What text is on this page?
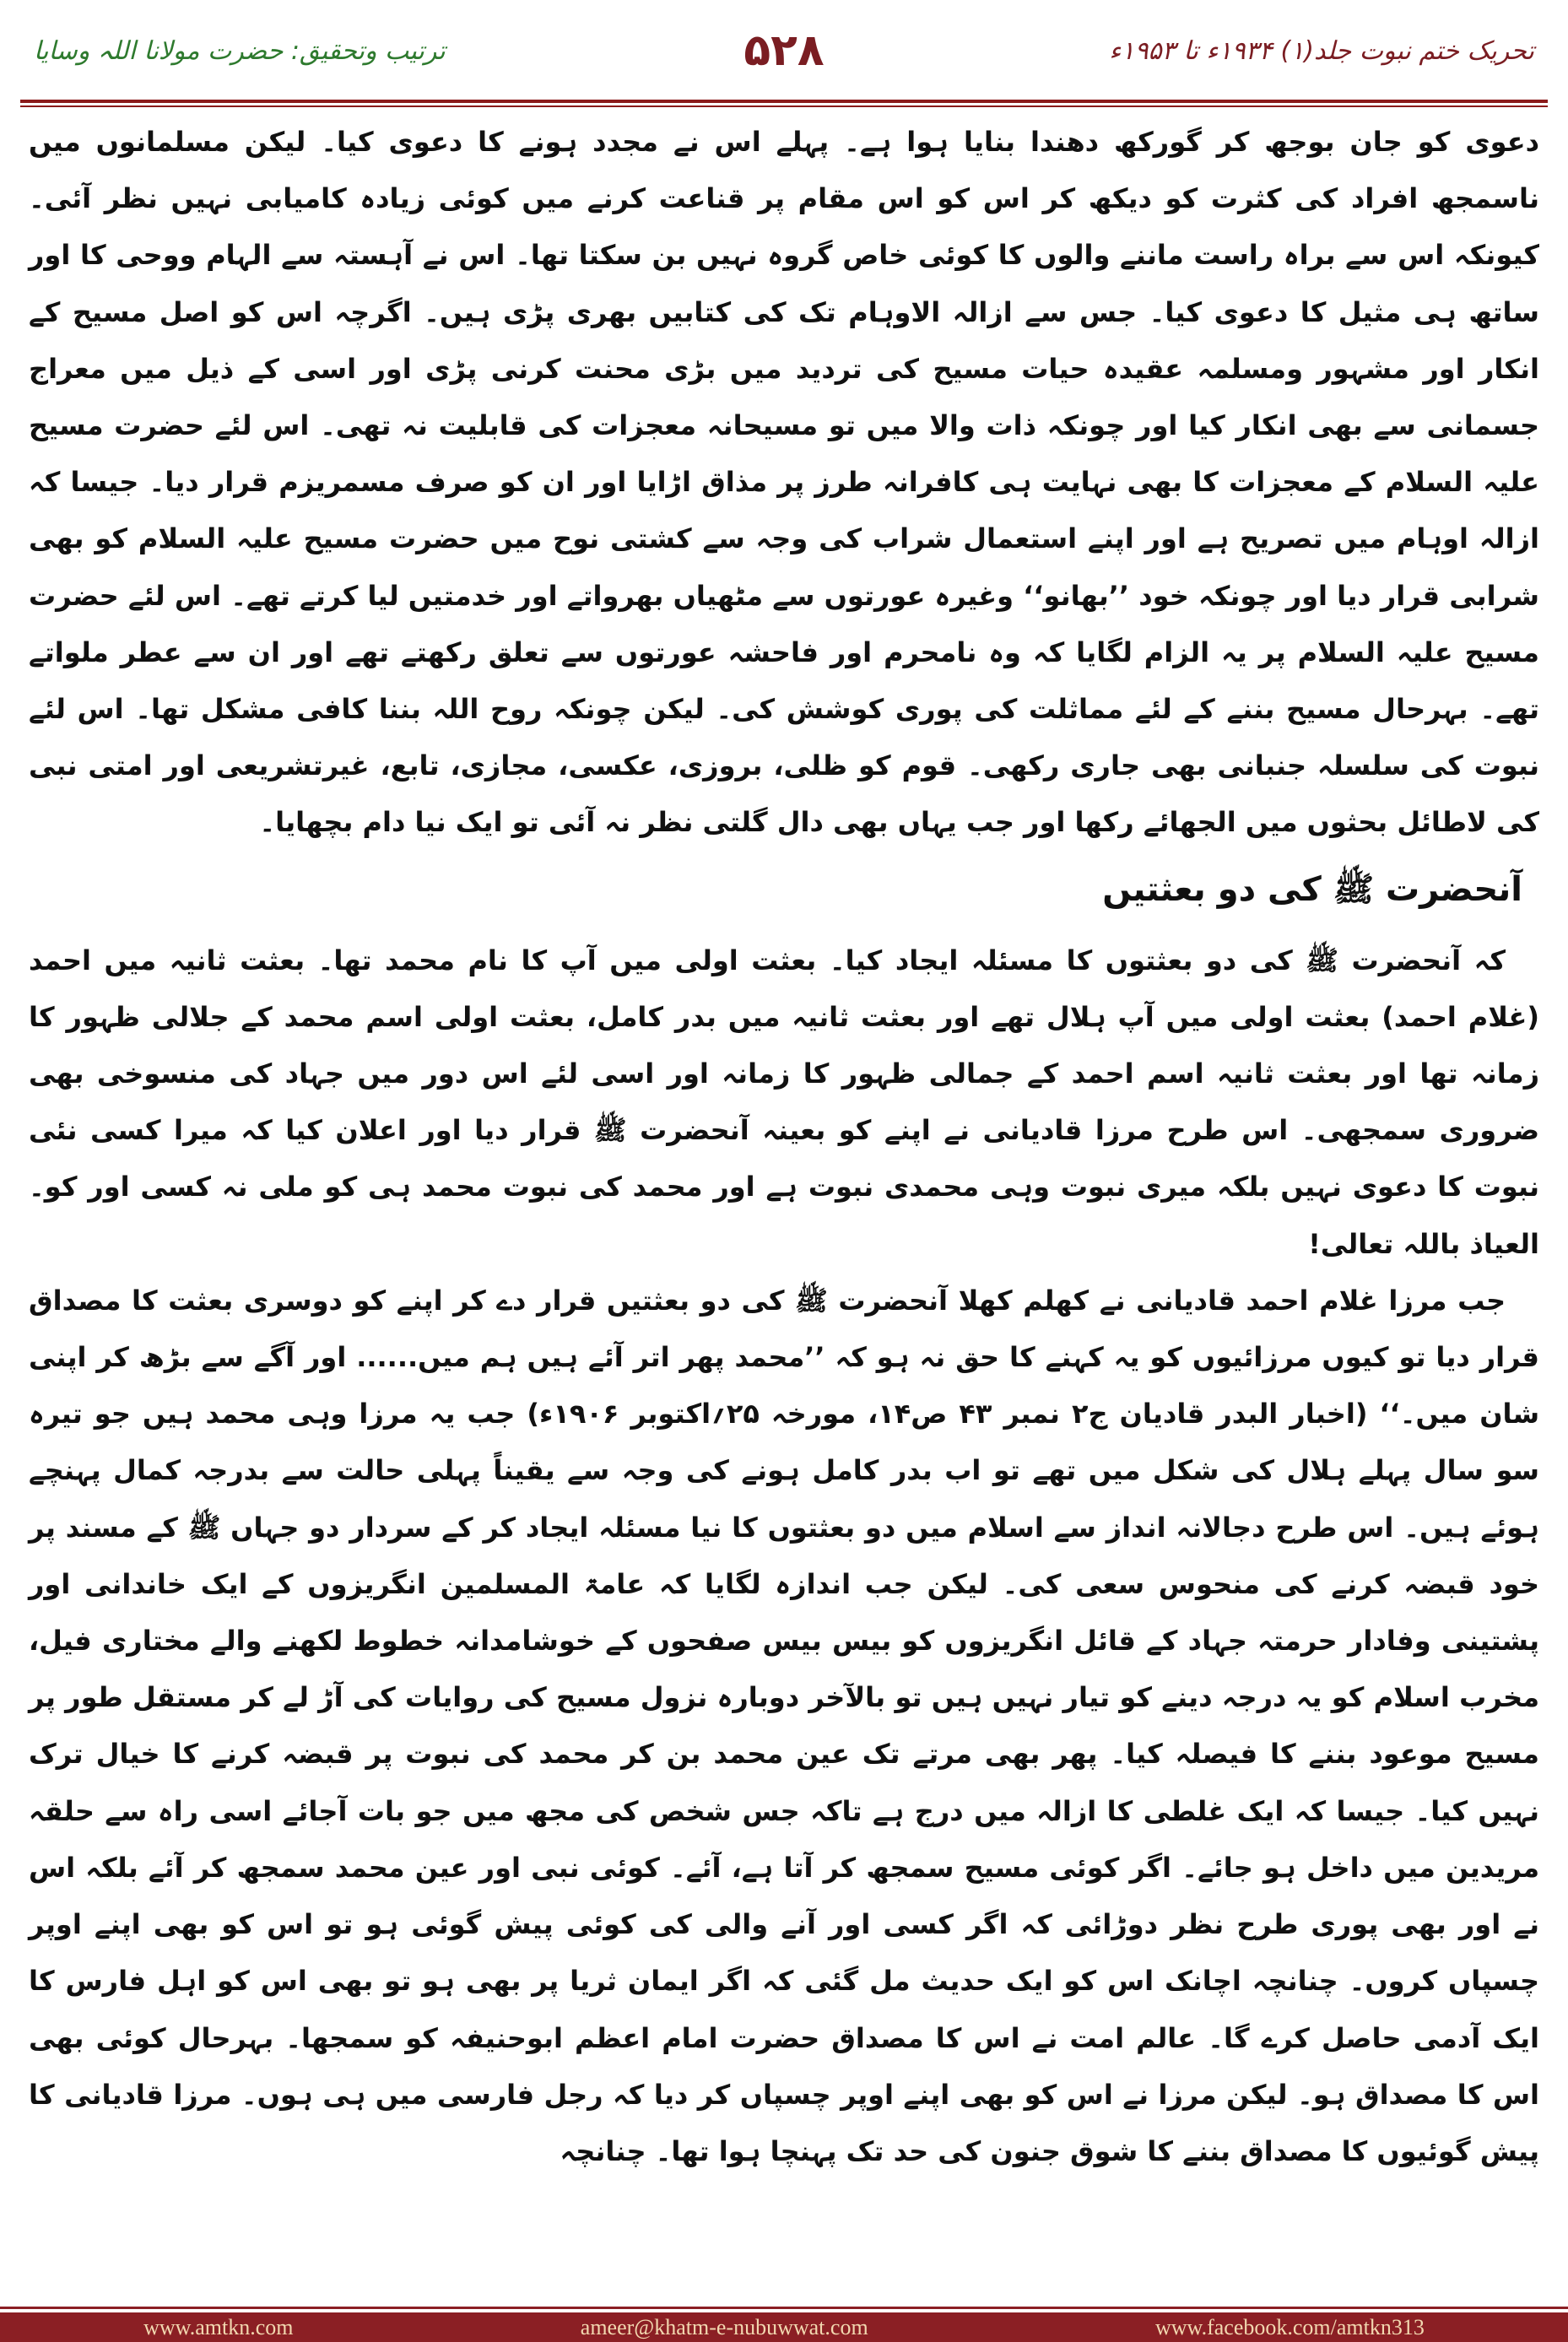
ترتیب وتحقیق: حضرت مولانا اللہ وسایا	۵۲۸	تحریک ختم نبوت جلد(۱) ۱۹۳۴ء تا ۱۹۵۳ء

دعوی کو جان بوجھ کر گورکھ دھندا بنایا ہوا ہے۔ پہلے اس نے مجدد ہونے کا دعوی کیا۔ لیکن مسلمانوں میں ناسمجھ افراد کی کثرت کو دیکھ کر اس کو اس مقام پر قناعت کرنے میں کوئی زیادہ کامیابی نہیں نظر آئی۔ کیونکہ اس سے براہ راست ماننے والوں کا کوئی خاص گروہ نہیں بن سکتا تھا۔ اس نے آہستہ سے الہام ووحی کا اور ساتھ ہی مثیل کا دعوی کیا۔ جس سے ازالہ الاوہام تک کی کتابیں بھری پڑی ہیں۔ اگرچہ اس کو اصل مسیح کے انکار اور مشہور ومسلمہ عقیدہ حیات مسیح کی تردید میں بڑی محنت کرنی پڑی اور اسی کے ذیل میں معراج جسمانی سے بھی انکار کیا اور چونکہ ذات والا میں تو مسیحانہ معجزات کی قابلیت نہ تھی۔ اس لئے حضرت مسیح علیہ السلام کے معجزات کا بھی نہایت ہی کافرانہ طرز پر مذاق اڑایا اور ان کو صرف مسمریزم قرار دیا۔ جیسا کہ ازالہ اوہام میں تصریح ہے اور اپنے استعمال شراب کی وجہ سے کشتی نوح میں حضرت مسیح علیہ السلام کو بھی شرابی قرار دیا اور چونکہ خود ’’بھانو‘‘ وغیرہ عورتوں سے مٹھیاں بھرواتے اور خدمتیں لیا کرتے تھے۔ اس لئے حضرت مسیح علیہ السلام پر یہ الزام لگایا کہ وہ نامحرم اور فاحشہ عورتوں سے تعلق رکھتے تھے اور ان سے عطر ملواتے تھے۔ بہرحال مسیح بننے کے لئے مماثلت کی پوری کوشش کی۔ لیکن چونکہ روح اللہ بننا کافی مشکل تھا۔ اس لئے نبوت کی سلسلہ جنبانی بھی جاری رکھی۔ قوم کو ظلی، بروزی، عکسی، مجازی، تابع، غیرتشریعی اور امتی نبی کی لاطائل بحثوں میں الجھائے رکھا اور جب یہاں بھی دال گلتی نظر نہ آئی تو ایک نیا دام بچھایا۔

آنحضرت ﷺ کی دو بعثتیں

کہ آنحضرت ﷺ کی دو بعثتوں کا مسئلہ ایجاد کیا۔ بعثت اولی میں آپ کا نام محمد تھا۔ بعثت ثانیہ میں احمد (غلام احمد) بعثت اولی میں آپ ہلال تھے اور بعثت ثانیہ میں بدر کامل، بعثت اولی اسم محمد کے جلالی ظہور کا زمانہ تھا اور بعثت ثانیہ اسم احمد کے جمالی ظہور کا زمانہ اور اسی لئے اس دور میں جہاد کی منسوخی بھی ضروری سمجھی۔ اس طرح مرزا قادیانی نے اپنے کو بعینہ آنحضرت ﷺ قرار دیا اور اعلان کیا کہ میرا کسی نئی نبوت کا دعوی نہیں بلکہ میری نبوت وہی محمدی نبوت ہے اور محمد کی نبوت محمد ہی کو ملی نہ کسی اور کو۔ العیاذ باللہ تعالی!

جب مرزا غلام احمد قادیانی نے کھلم کھلا آنحضرت ﷺ کی دو بعثتیں قرار دے کر اپنے کو دوسری بعثت کا مصداق قرار دیا تو کیوں مرزائیوں کو یہ کہنے کا حق نہ ہو کہ ’’محمد پھر اتر آئے ہیں ہم میں...... اور آگے سے بڑھ کر اپنی شان میں۔‘‘ (اخبار البدر قادیان ج۲ نمبر ۴۳ ص۱۴، مورخہ ۲۵؍اکتوبر ۱۹۰۶ء) جب یہ مرزا وہی محمد ہیں جو تیرہ سو سال پہلے ہلال کی شکل میں تھے تو اب بدر کامل ہونے کی وجہ سے یقیناً پہلی حالت سے بدرجہ کمال پہنچے ہوئے ہیں۔ اس طرح دجالانہ انداز سے اسلام میں دو بعثتوں کا نیا مسئلہ ایجاد کر کے سردار دو جہاں ﷺ کے مسند پر خود قبضہ کرنے کی منحوس سعی کی۔ لیکن جب اندازہ لگایا کہ عامۃ المسلمین انگریزوں کے ایک خاندانی اور پشتینی وفادار حرمتہ جہاد کے قائل انگریزوں کو بیس بیس صفحوں کے خوشامدانہ خطوط لکھنے والے مختاری فیل، مخرب اسلام کو یہ درجہ دینے کو تیار نہیں ہیں تو بالآخر دوبارہ نزول مسیح کی روایات کی آڑ لے کر مستقل طور پر مسیح موعود بننے کا فیصلہ کیا۔ پھر بھی مرتے تک عین محمد بن کر محمد کی نبوت پر قبضہ کرنے کا خیال ترک نہیں کیا۔ جیسا کہ ایک غلطی کا ازالہ میں درج ہے تاکہ جس شخص کی مجھ میں جو بات آجائے اسی راہ سے حلقہ مریدین میں داخل ہو جائے۔ اگر کوئی مسیح سمجھ کر آتا ہے، آئے۔ کوئی نبی اور عین محمد سمجھ کر آئے بلکہ اس نے اور بھی پوری طرح نظر دوڑائی کہ اگر کسی اور آنے والی کی کوئی پیش گوئی ہو تو اس کو بھی اپنے اوپر چسپاں کروں۔ چنانچہ اچانک اس کو ایک حدیث مل گئی کہ اگر ایمان ثریا پر بھی ہو تو بھی اس کو اہل فارس کا ایک آدمی حاصل کرے گا۔ عالم امت نے اس کا مصداق حضرت امام اعظم ابوحنیفہ کو سمجھا۔ بہرحال کوئی بھی اس کا مصداق ہو۔ لیکن مرزا نے اس کو بھی اپنے اوپر چسپاں کر دیا کہ رجل فارسی میں ہی ہوں۔ مرزا قادیانی کا پیش گوئیوں کا مصداق بننے کا شوق جنون کی حد تک پہنچا ہوا تھا۔ چنانچہ

www.amtkn.com	ameer@khatm-e-nubuwwat.com	www.facebook.com/amtkn313
